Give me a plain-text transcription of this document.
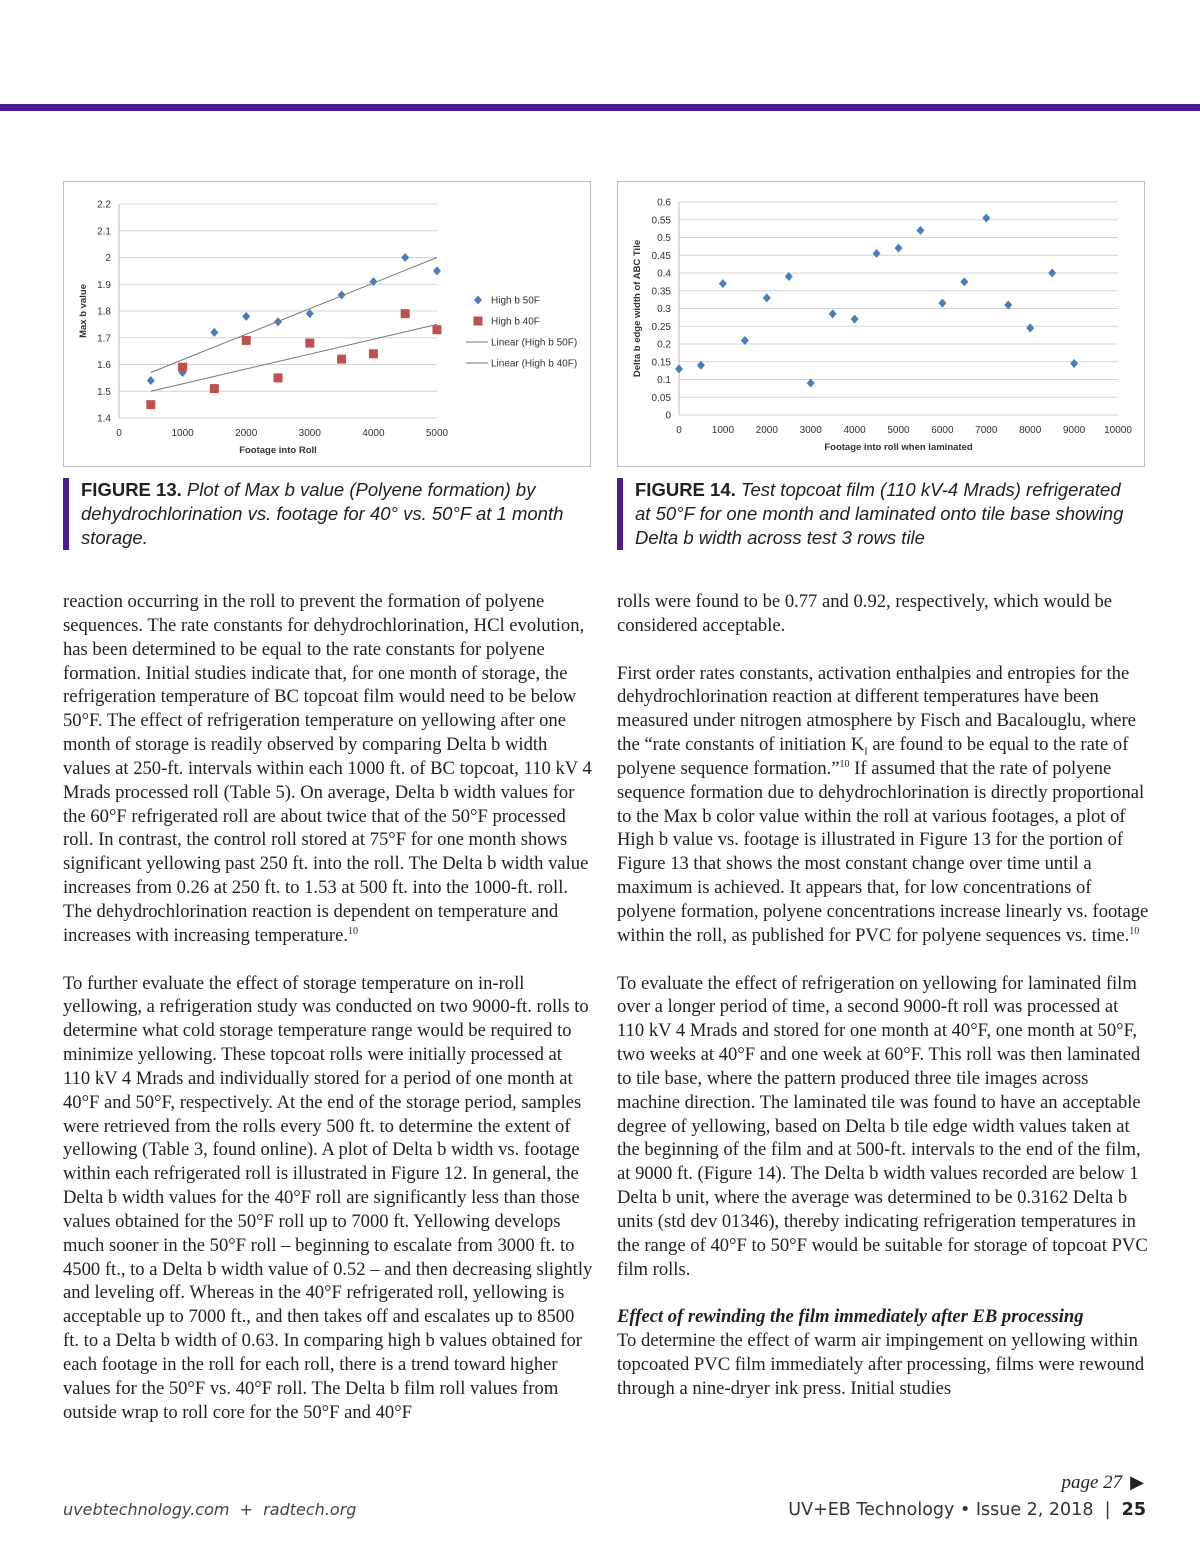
1.4
1.5
1.6
1.7
1.8
1.9
2
2.1
2.2
0	1000	2000	3000	4000	5000
Footage into Roll
Max b value	High b 50F
High b 40F
Linear (High b 50F)
Linear (High b 40F)
0
0.05
0.1
0.15
0.2
0.25
0.3
0.35
0.4
0.45
0.5
0.55
0.6
0	1000 2000 3000 4000 5000 6000 7000 8000 9000 10000
Footage into roll when laminated
Delta b edge width of ABC Tile
FIGURE 13. Plot of Max b value (Polyene formation) by dehydrochlorination vs. footage for 40° vs. 50°F at 1 month storage.
FIGURE 14. Test topcoat film (110 kV-4 Mrads) refrigerated at 50°F for one month and laminated onto tile base showing Delta b width across test 3 rows tile

reaction occurring in the roll to prevent the formation of polyene sequences. The rate constants for dehydrochlorination, HCl evolution, has been determined to be equal to the rate constants for polyene formation. Initial studies indicate that, for one month of storage, the refrigeration temperature of BC topcoat film would need to be below 50°F. The effect of refrigeration temperature on yellowing after one month of storage is readily observed by comparing Delta b width values at 250-ft. intervals within each 1000 ft. of BC topcoat, 110 kV 4 Mrads processed roll (Table 5). On average, Delta b width values for the 60°F refrigerated roll are about twice that of the 50°F processed roll. In contrast, the control roll stored at 75°F for one month shows significant yellowing past 250 ft. into the roll. The Delta b width value increases from 0.26 at 250 ft. to 1.53 at 500 ft. into the 1000-ft. roll. The dehydrochlorination reaction is dependent on temperature and increases with increasing temperature.$^{10}$

To further evaluate the effect of storage temperature on in-roll yellowing, a refrigeration study was conducted on two 9000-ft. rolls to determine what cold storage temperature range would be required to minimize yellowing. These topcoat rolls were initially processed at 110 kV 4 Mrads and individually stored for a period of one month at 40°F and 50°F, respectively. At the end of the storage period, samples were retrieved from the rolls every 500 ft. to determine the extent of yellowing (Table 3, found online). A plot of Delta b width vs. footage within each refrigerated roll is illustrated in Figure 12. In general, the Delta b width values for the 40°F roll are significantly less than those values obtained for the 50°F roll up to 7000 ft. Yellowing develops much sooner in the 50°F roll – beginning to escalate from 3000 ft. to 4500 ft., to a Delta b width value of 0.52 – and then decreasing slightly and leveling off. Whereas in the 40°F refrigerated roll, yellowing is acceptable up to 7000 ft., and then takes off and escalates up to 8500 ft. to a Delta b width of 0.63. In comparing high b values obtained for each footage in the roll for each roll, there is a trend toward higher values for the 50°F vs. 40°F roll. The Delta b film roll values from outside wrap to roll core for the 50°F and 40°F

rolls were found to be 0.77 and 0.92, respectively, which would be considered acceptable.

First order rates constants, activation enthalpies and entropies for the dehydrochlorination reaction at different temperatures have been measured under nitrogen atmosphere by Fisch and Bacalouglu, where the “rate constants of initiation $K_I$ are found to be equal to the rate of polyene sequence formation.”$^{10}$ If assumed that the rate of polyene sequence formation due to dehydrochlorination is directly proportional to the Max b color value within the roll at various footages, a plot of High b value vs. footage is illustrated in Figure 13 for the portion of Figure 13 that shows the most constant change over time until a maximum is achieved. It appears that, for low concentrations of polyene formation, polyene concentrations increase linearly vs. footage within the roll, as published for PVC for polyene sequences vs. time.$^{10}$

To evaluate the effect of refrigeration on yellowing for laminated film over a longer period of time, a second 9000-ft roll was processed at 110 kV 4 Mrads and stored for one month at 40°F, one month at 50°F, two weeks at 40°F and one week at 60°F. This roll was then laminated to tile base, where the pattern produced three tile images across machine direction. The laminated tile was found to have an acceptable degree of yellowing, based on Delta b tile edge width values taken at the beginning of the film and at 500-ft. intervals to the end of the film, at 9000 ft. (Figure 14). The Delta b width values recorded are below 1 Delta b unit, where the average was determined to be 0.3162 Delta b units (std dev 01346), thereby indicating refrigeration temperatures in the range of 40°F to 50°F would be suitable for storage of topcoat PVC film rolls.

Effect of rewinding the film immediately after EB processing
To determine the effect of warm air impingement on yellowing within topcoated PVC film immediately after processing, films were rewound through a nine-dryer ink press. Initial studies

page 27 ▶
uvebtechnology.com  +  radtech.org	UV+EB Technology • Issue 2, 2018 | 25
